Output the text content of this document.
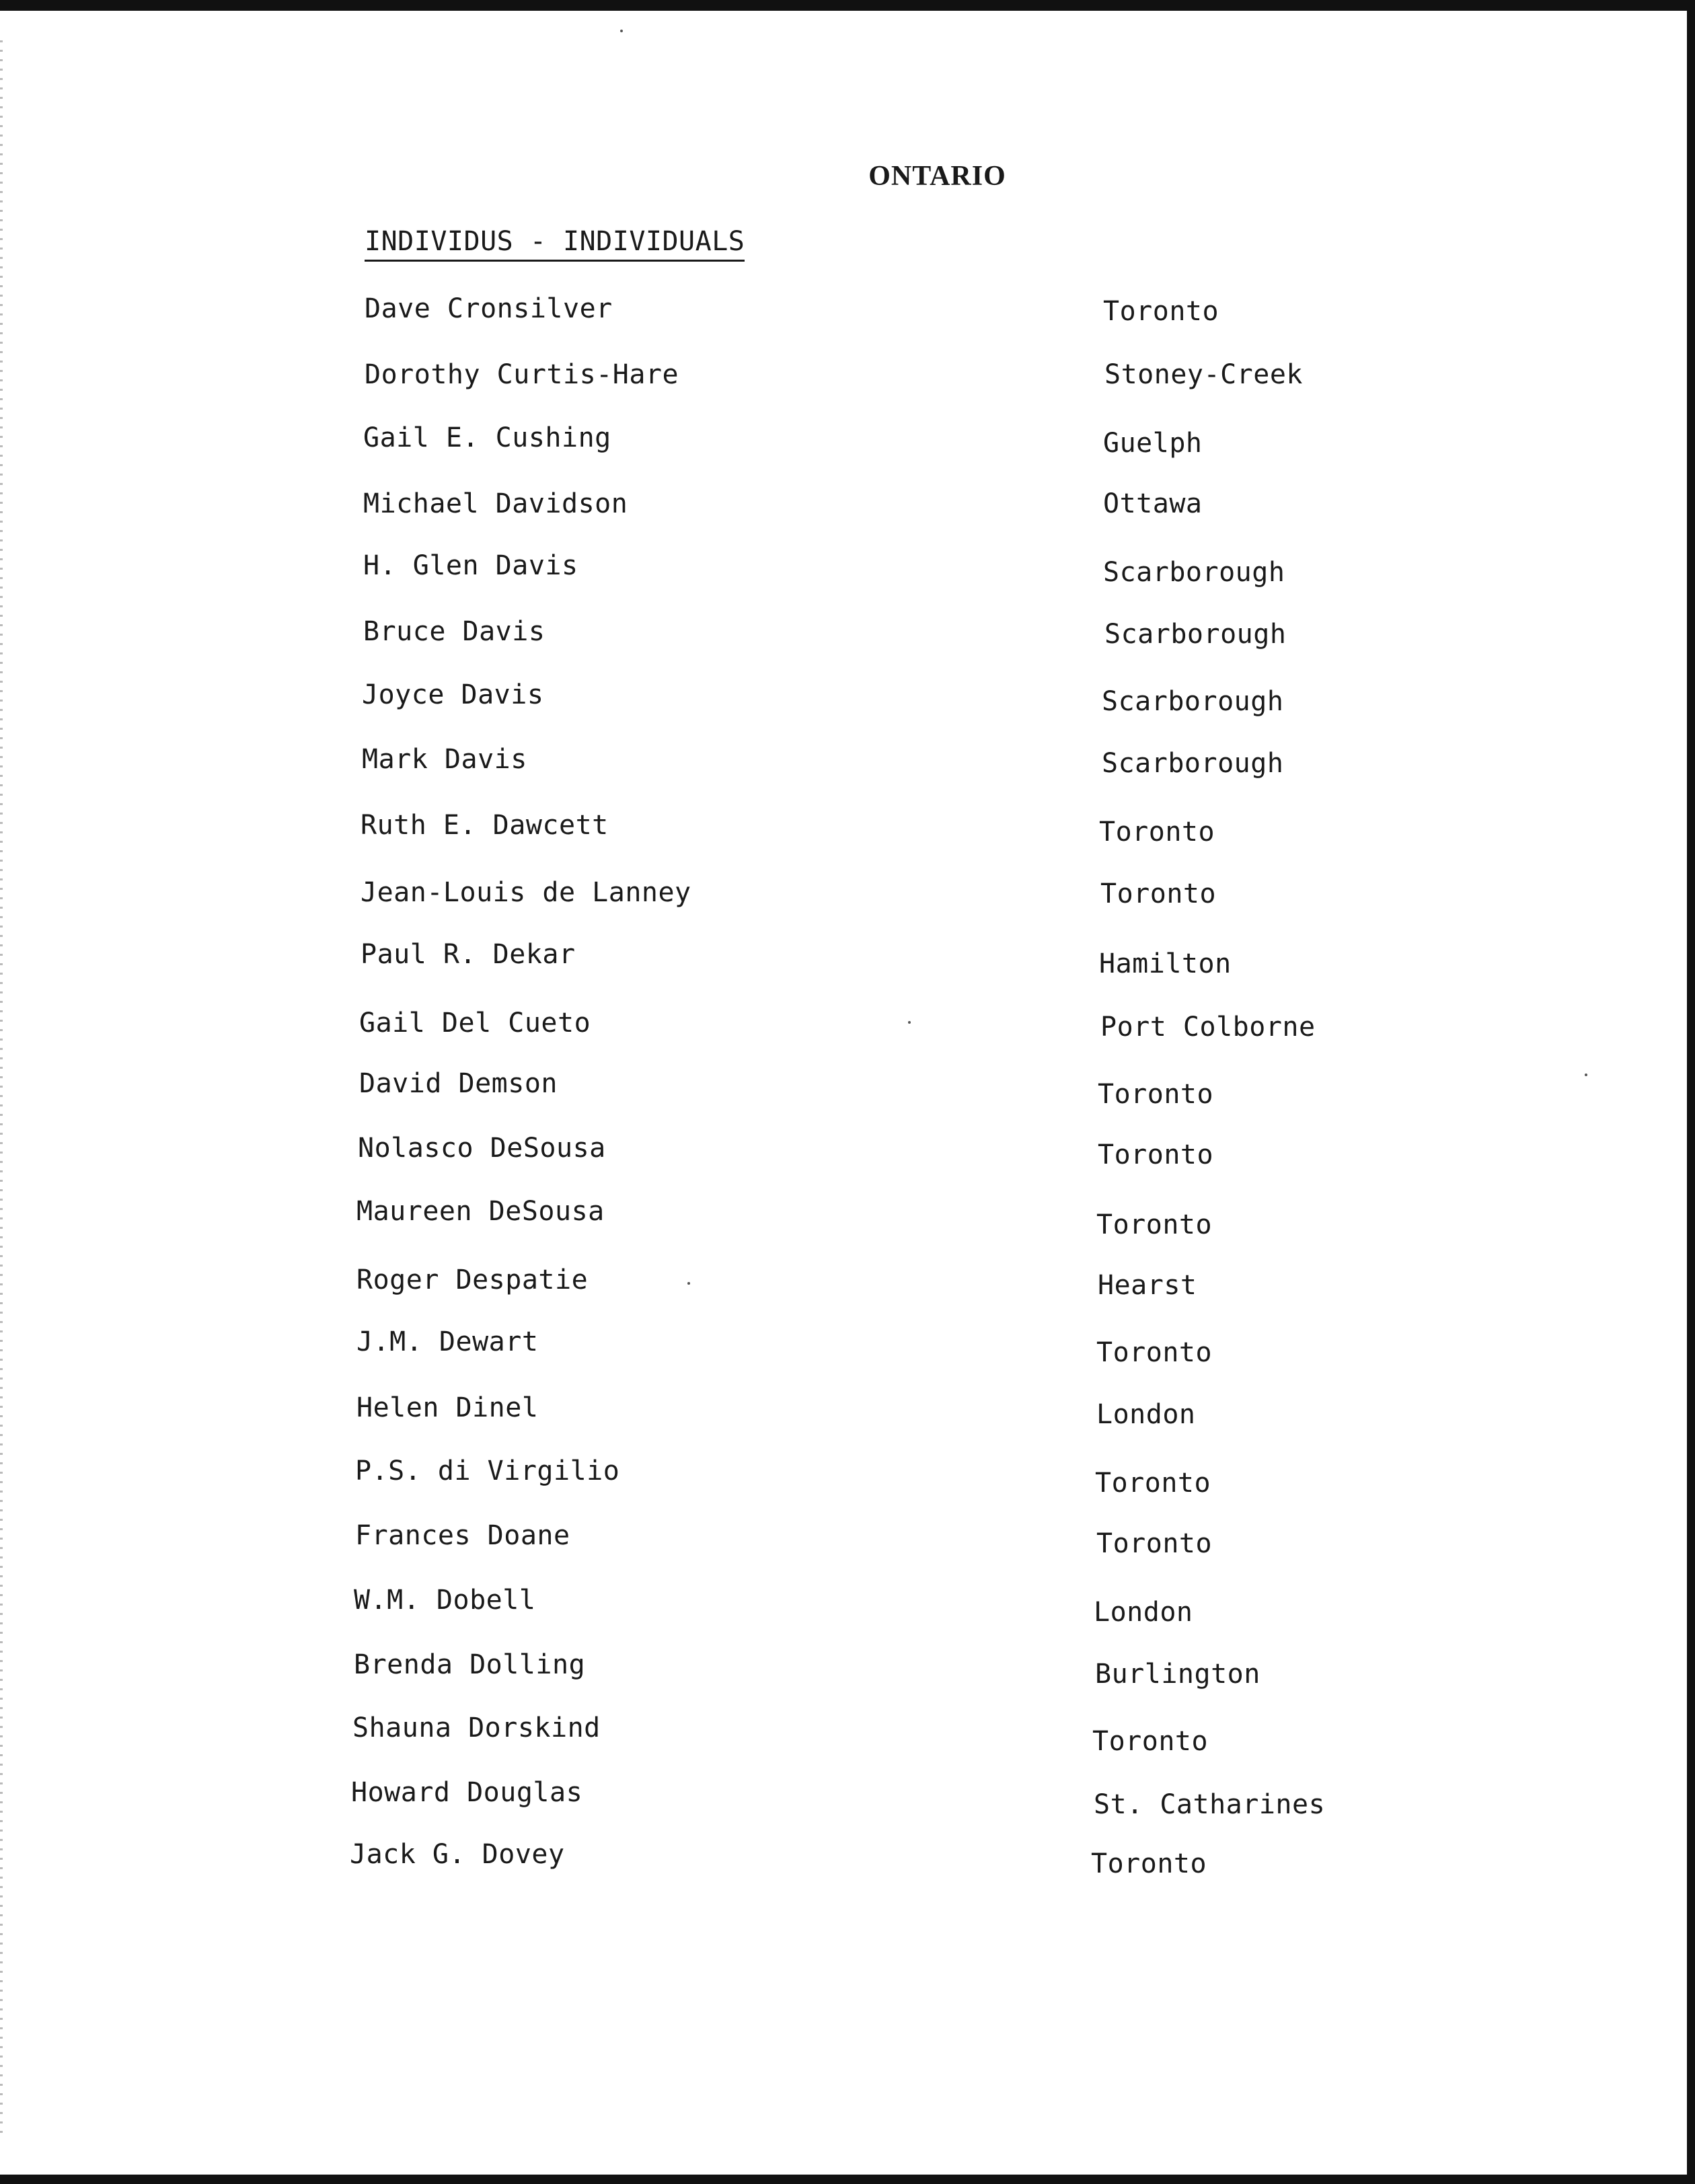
ONTARIO
INDIVIDUS - INDIVIDUALS
Dave Cronsilver	Toronto
Dorothy Curtis-Hare	Stoney-Creek
Gail E. Cushing	Guelph
Michael Davidson	Ottawa
H. Glen Davis	Scarborough
Bruce Davis	Scarborough
Joyce Davis	Scarborough
Mark Davis	Scarborough
Ruth E. Dawcett	Toronto
Jean-Louis de Lanney	Toronto
Paul R. Dekar	Hamilton
Gail Del Cueto	Port Colborne
David Demson	Toronto
Nolasco DeSousa	Toronto
Maureen DeSousa	Toronto
Roger Despatie	Hearst
J.M. Dewart	Toronto
Helen Dinel	London
P.S. di Virgilio	Toronto
Frances Doane	Toronto
W.M. Dobell	London
Brenda Dolling	Burlington
Shauna Dorskind	Toronto
Howard Douglas	St. Catharines
Jack G. Dovey	Toronto
